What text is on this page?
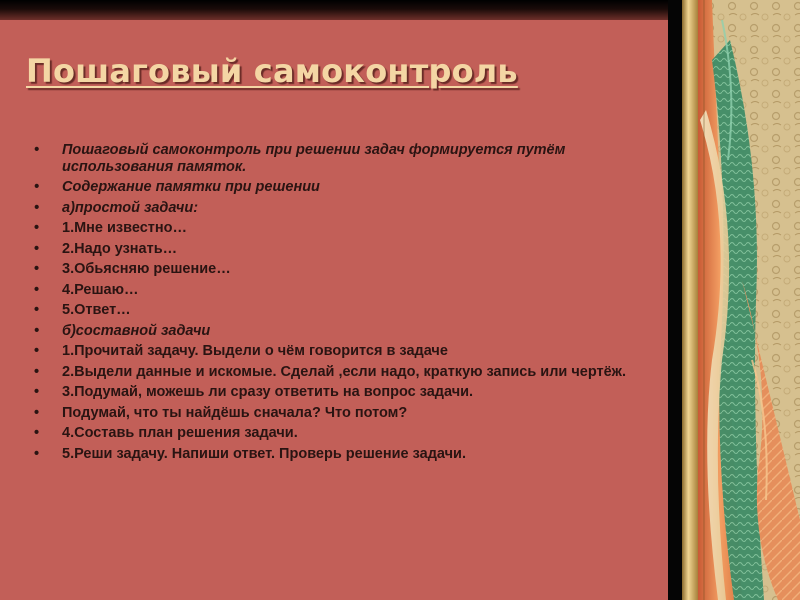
Пошаговый самоконтроль
• Пошаговый самоконтроль при решении задач формируется путём использования памяток.
• Содержание памятки при решении
• а)простой задачи:
• 1.Мне известно…
• 2.Надо узнать…
• 3.Обьясняю решение…
• 4.Решаю…
• 5.Ответ…
• б)составной задачи
• 1.Прочитай задачу. Выдели о чём говорится в задаче
• 2.Выдели данные и искомые. Сделай ,если надо, краткую запись или чертёж.
• 3.Подумай, можешь ли сразу ответить на вопрос задачи.
• Подумай, что ты найдёшь сначала? Что потом?
• 4.Составь план решения задачи.
• 5.Реши задачу. Напиши ответ. Проверь решение задачи.
